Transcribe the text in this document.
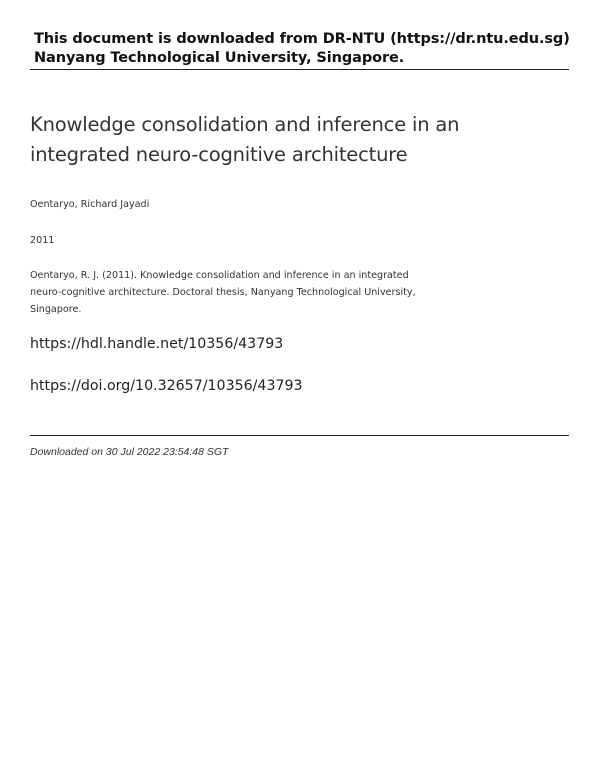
This document is downloaded from DR-NTU (https://dr.ntu.edu.sg)
Nanyang Technological University, Singapore.
Knowledge consolidation and inference in an
integrated neuro-cognitive architecture
Oentaryo, Richard Jayadi
2011
Oentaryo, R. J. (2011). Knowledge consolidation and inference in an integrated
neuro-cognitive architecture. Doctoral thesis, Nanyang Technological University,
Singapore.
https://hdl.handle.net/10356/43793
https://doi.org/10.32657/10356/43793
Downloaded on 30 Jul 2022 23:54:48 SGT
